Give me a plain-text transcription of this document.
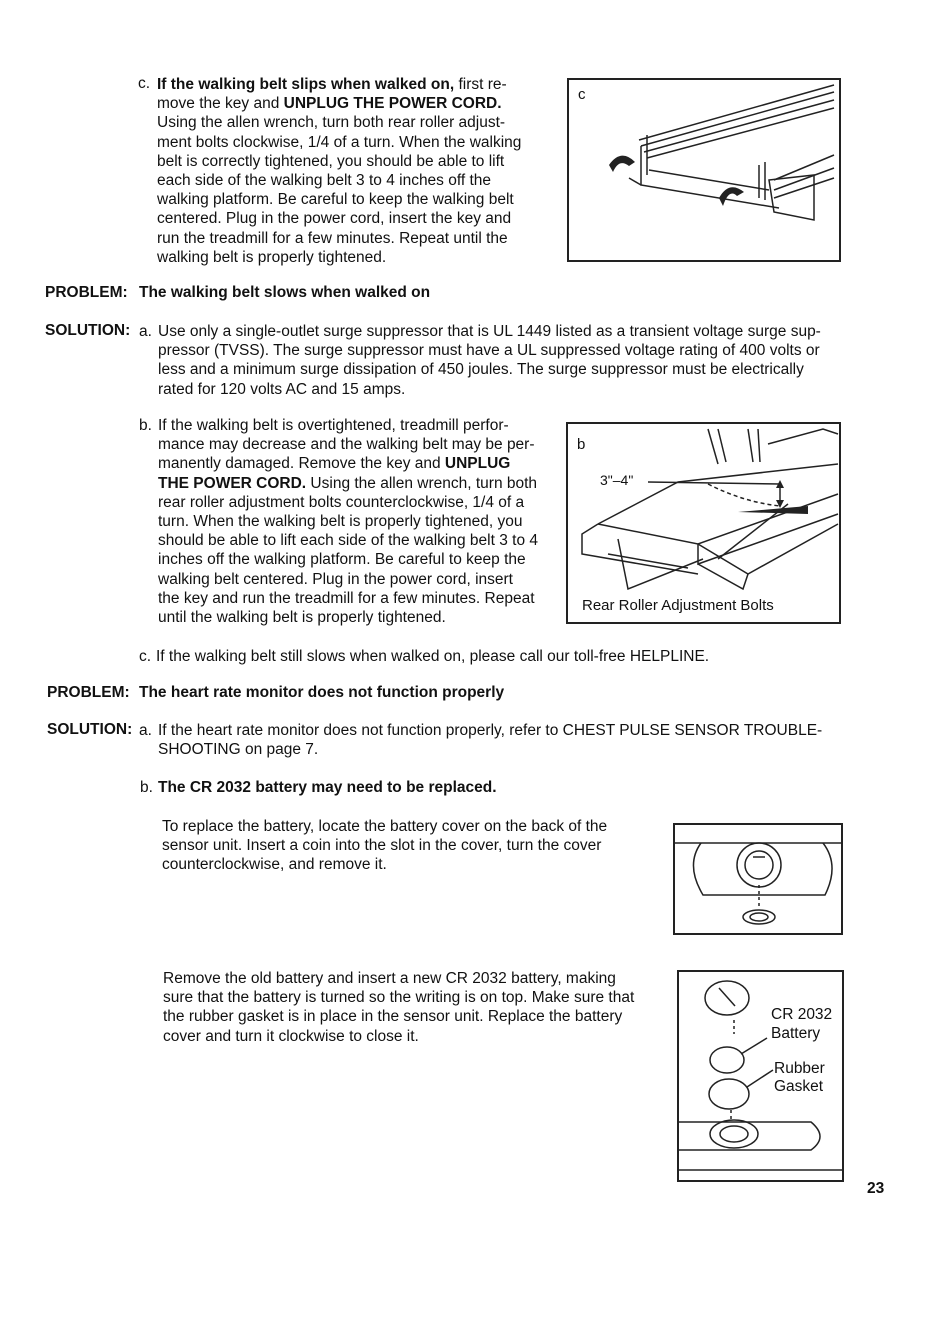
c. If the walking belt slips when walked on, first re-move the key and UNPLUG THE POWER CORD. Using the allen wrench, turn both rear roller adjust-ment bolts clockwise, 1/4 of a turn. When the walking belt is correctly tightened, you should be able to lift each side of the walking belt 3 to 4 inches off the walking platform. Be careful to keep the walking belt centered. Plug in the power cord, insert the key and run the treadmill for a few minutes. Repeat until the walking belt is properly tightened.
c
PROBLEM: The walking belt slows when walked on
SOLUTION: a. Use only a single-outlet surge suppressor that is UL 1449 listed as a transient voltage surge sup-pressor (TVSS). The surge suppressor must have a UL suppressed voltage rating of 400 volts or less and a minimum surge dissipation of 450 joules. The surge suppressor must be electrically rated for 120 volts AC and 15 amps.
b. If the walking belt is overtightened, treadmill perfor-mance may decrease and the walking belt may be per-manently damaged. Remove the key and UNPLUG THE POWER CORD. Using the allen wrench, turn both rear roller adjustment bolts counterclockwise, 1/4 of a turn. When the walking belt is properly tightened, you should be able to lift each side of the walking belt 3 to 4 inches off the walking platform. Be careful to keep the walking belt centered. Plug in the power cord, insert the key and run the treadmill for a few minutes. Repeat until the walking belt is properly tightened.
b
3"–4"
Rear Roller Adjustment Bolts
c. If the walking belt still slows when walked on, please call our toll-free HELPLINE.
PROBLEM: The heart rate monitor does not function properly
SOLUTION: a. If the heart rate monitor does not function properly, refer to CHEST PULSE SENSOR TROUBLE-SHOOTING on page 7.
b. The CR 2032 battery may need to be replaced.
To replace the battery, locate the battery cover on the back of the sensor unit. Insert a coin into the slot in the cover, turn the cover counterclockwise, and remove it.
Remove the old battery and insert a new CR 2032 battery, making sure that the battery is turned so the writing is on top. Make sure that the rubber gasket is in place in the sensor unit. Replace the battery cover and turn it clockwise to close it.
CR 2032
Battery
Rubber
Gasket
23
